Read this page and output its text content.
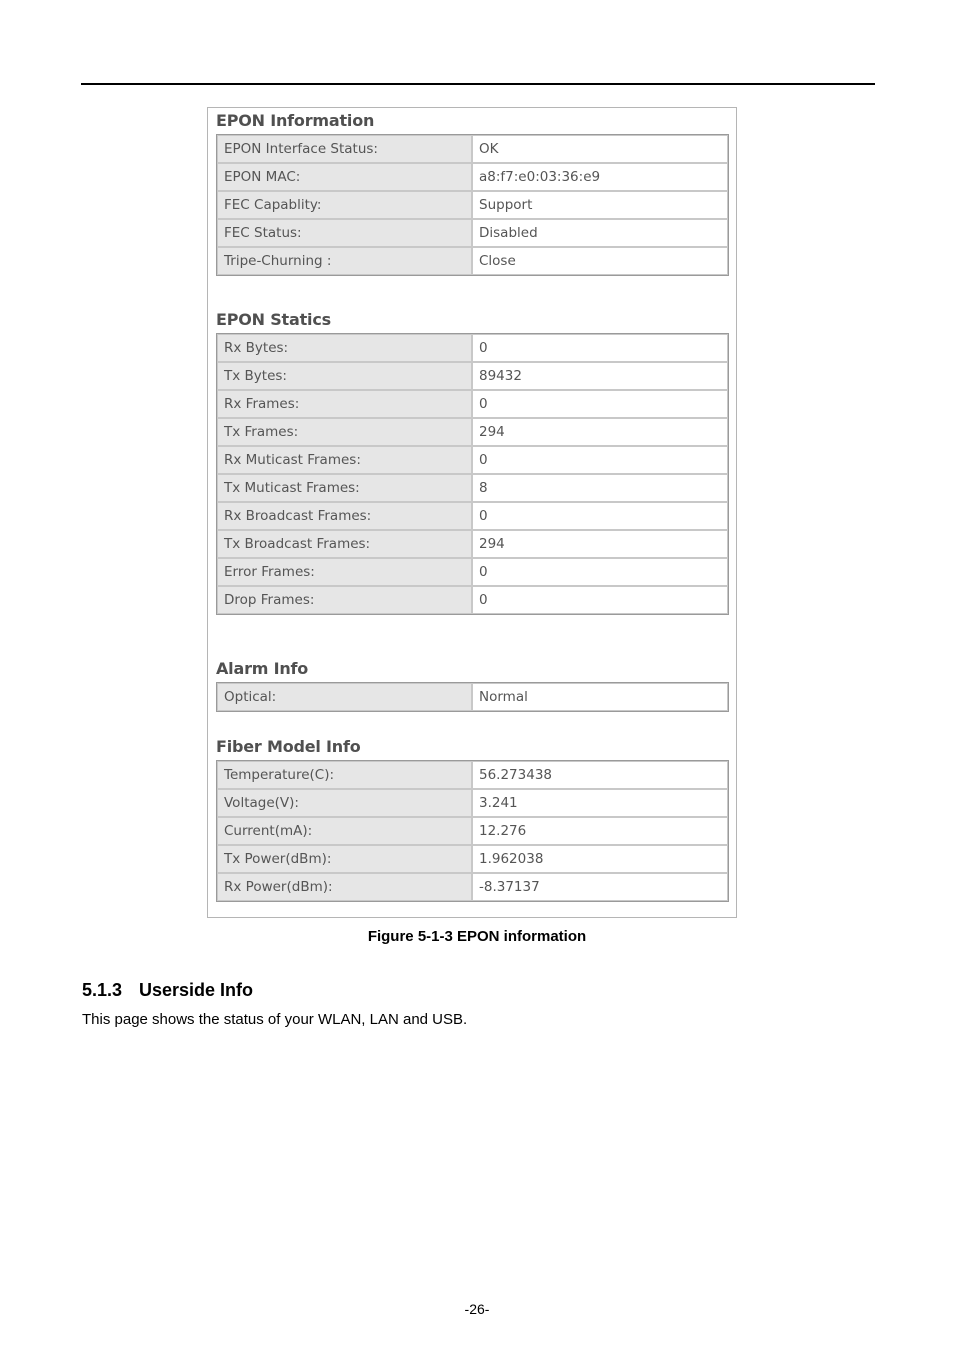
EPON Information
EPON Interface Status:	OK
EPON MAC:	a8:f7:e0:03:36:e9
FEC Capablity:	Support
FEC Status:	Disabled
Tripe-Churning :	Close
EPON Statics
Rx Bytes:	0
Tx Bytes:	89432
Rx Frames:	0
Tx Frames:	294
Rx Muticast Frames:	0
Tx Muticast Frames:	8
Rx Broadcast Frames:	0
Tx Broadcast Frames:	294
Error Frames:	0
Drop Frames:	0
Alarm Info
Optical:	Normal
Fiber Model Info
Temperature(C):	56.273438
Voltage(V):	3.241
Current(mA):	12.276
Tx Power(dBm):	1.962038
Rx Power(dBm):	-8.37137
Figure 5-1-3 EPON information
5.1.3 Userside Info
This page shows the status of your WLAN, LAN and USB.
-26-
